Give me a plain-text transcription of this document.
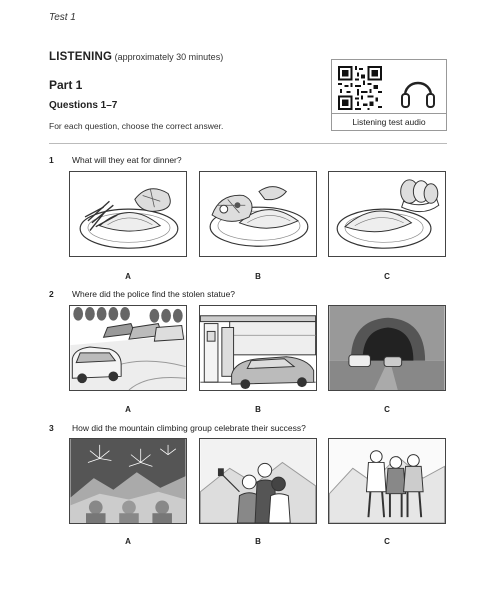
Test 1
LISTENING (approximately 30 minutes)
Part 1
Questions 1–7
For each question, choose the correct answer.	Listening test audio
1 What will they eat for dinner?
A	B	C
2 Where did the police find the stolen statue?
A	B	C
3 How did the mountain climbing group celebrate their success?
A	B	C
